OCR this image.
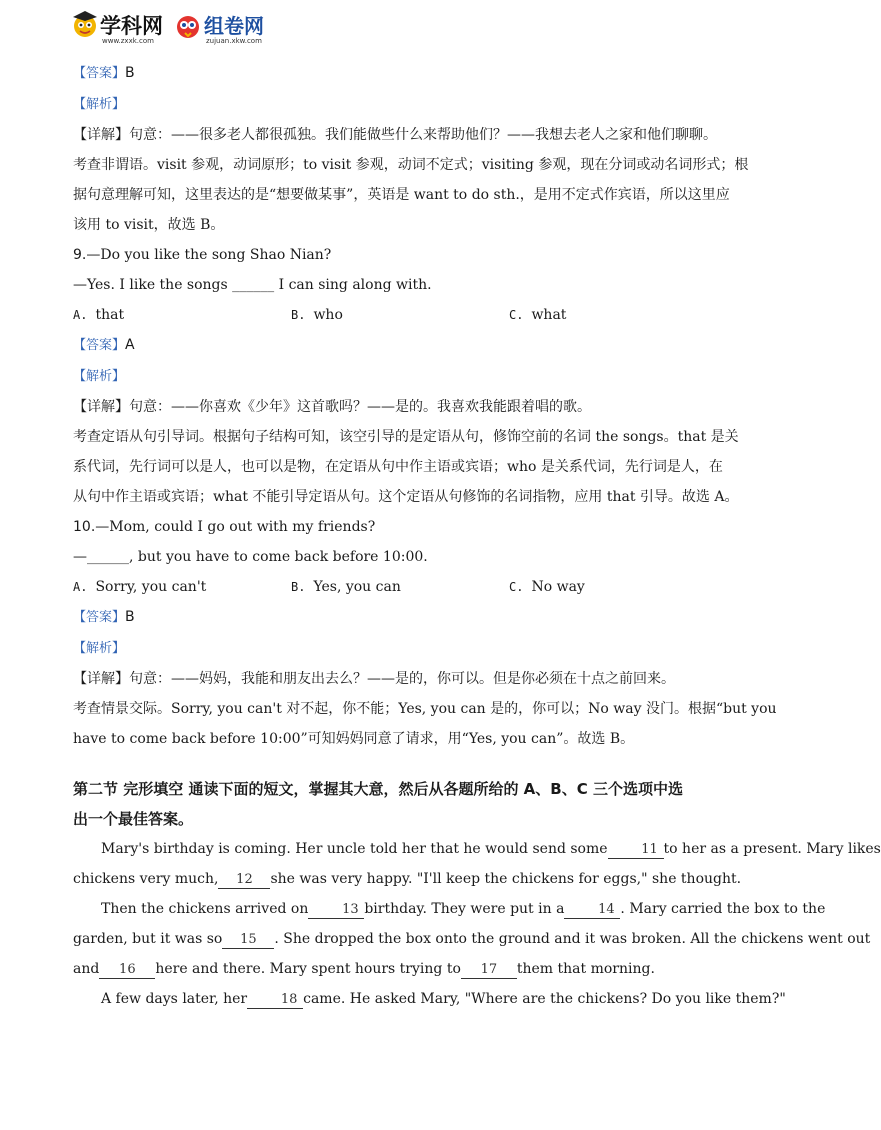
学科网
www.zxxk.com
组卷网
zujuan.xkw.com
【答案】B
【解析】
【详解】句意：——很多老人都很孤独。我们能做些什么来帮助他们？——我想去老人之家和他们聊聊。
考查非谓语。visit 参观，动词原形；to visit 参观，动词不定式；visiting 参观，现在分词或动名词形式；根
据句意理解可知，这里表达的是“想要做某事”，英语是 want to do sth.，是用不定式作宾语，所以这里应
该用 to visit，故选 B。
9.—Do you like the song Shao Nian?
—Yes. I like the songs ______ I can sing along with.
A. that	B. who	C. what
【答案】A
【解析】
【详解】句意：——你喜欢《少年》这首歌吗？——是的。我喜欢我能跟着唱的歌。
考查定语从句引导词。根据句子结构可知，该空引导的是定语从句，修饰空前的名词 the songs。that 是关
系代词，先行词可以是人，也可以是物，在定语从句中作主语或宾语；who 是关系代词，先行词是人，在
从句中作主语或宾语；what 不能引导定语从句。这个定语从句修饰的名词指物，应用 that 引导。故选 A。
10.—Mom, could I go out with my friends?
—______, but you have to come back before 10:00.
A. Sorry, you can't	B. Yes, you can	C. No way
【答案】B
【解析】
【详解】句意：——妈妈，我能和朋友出去么？——是的，你可以。但是你必须在十点之前回来。
考查情景交际。Sorry, you can't 对不起，你不能；Yes, you can 是的，你可以；No way 没门。根据“but you
have to come back before 10:00”可知妈妈同意了请求，用“Yes, you can”。故选 B。
第二节 完形填空 通读下面的短文，掌握其大意，然后从各题所给的 A、B、C 三个选项中选
出一个最佳答案。
Mary's birthday is coming. Her uncle told her that he would send some	11 to her as a present. Mary likes
chickens very much, 12 she was very happy. "I'll keep the chickens for eggs," she thought.
Then the chickens arrived on	13 birthday. They were put in a	14 . Mary carried the box to the
garden, but it was so 15 . She dropped the box onto the ground and it was broken. All the chickens went out
and 16 here and there. Mary spent hours trying to 17 them that morning.
A few days later, her	18 came. He asked Mary, "Where are the chickens? Do you like them?"
